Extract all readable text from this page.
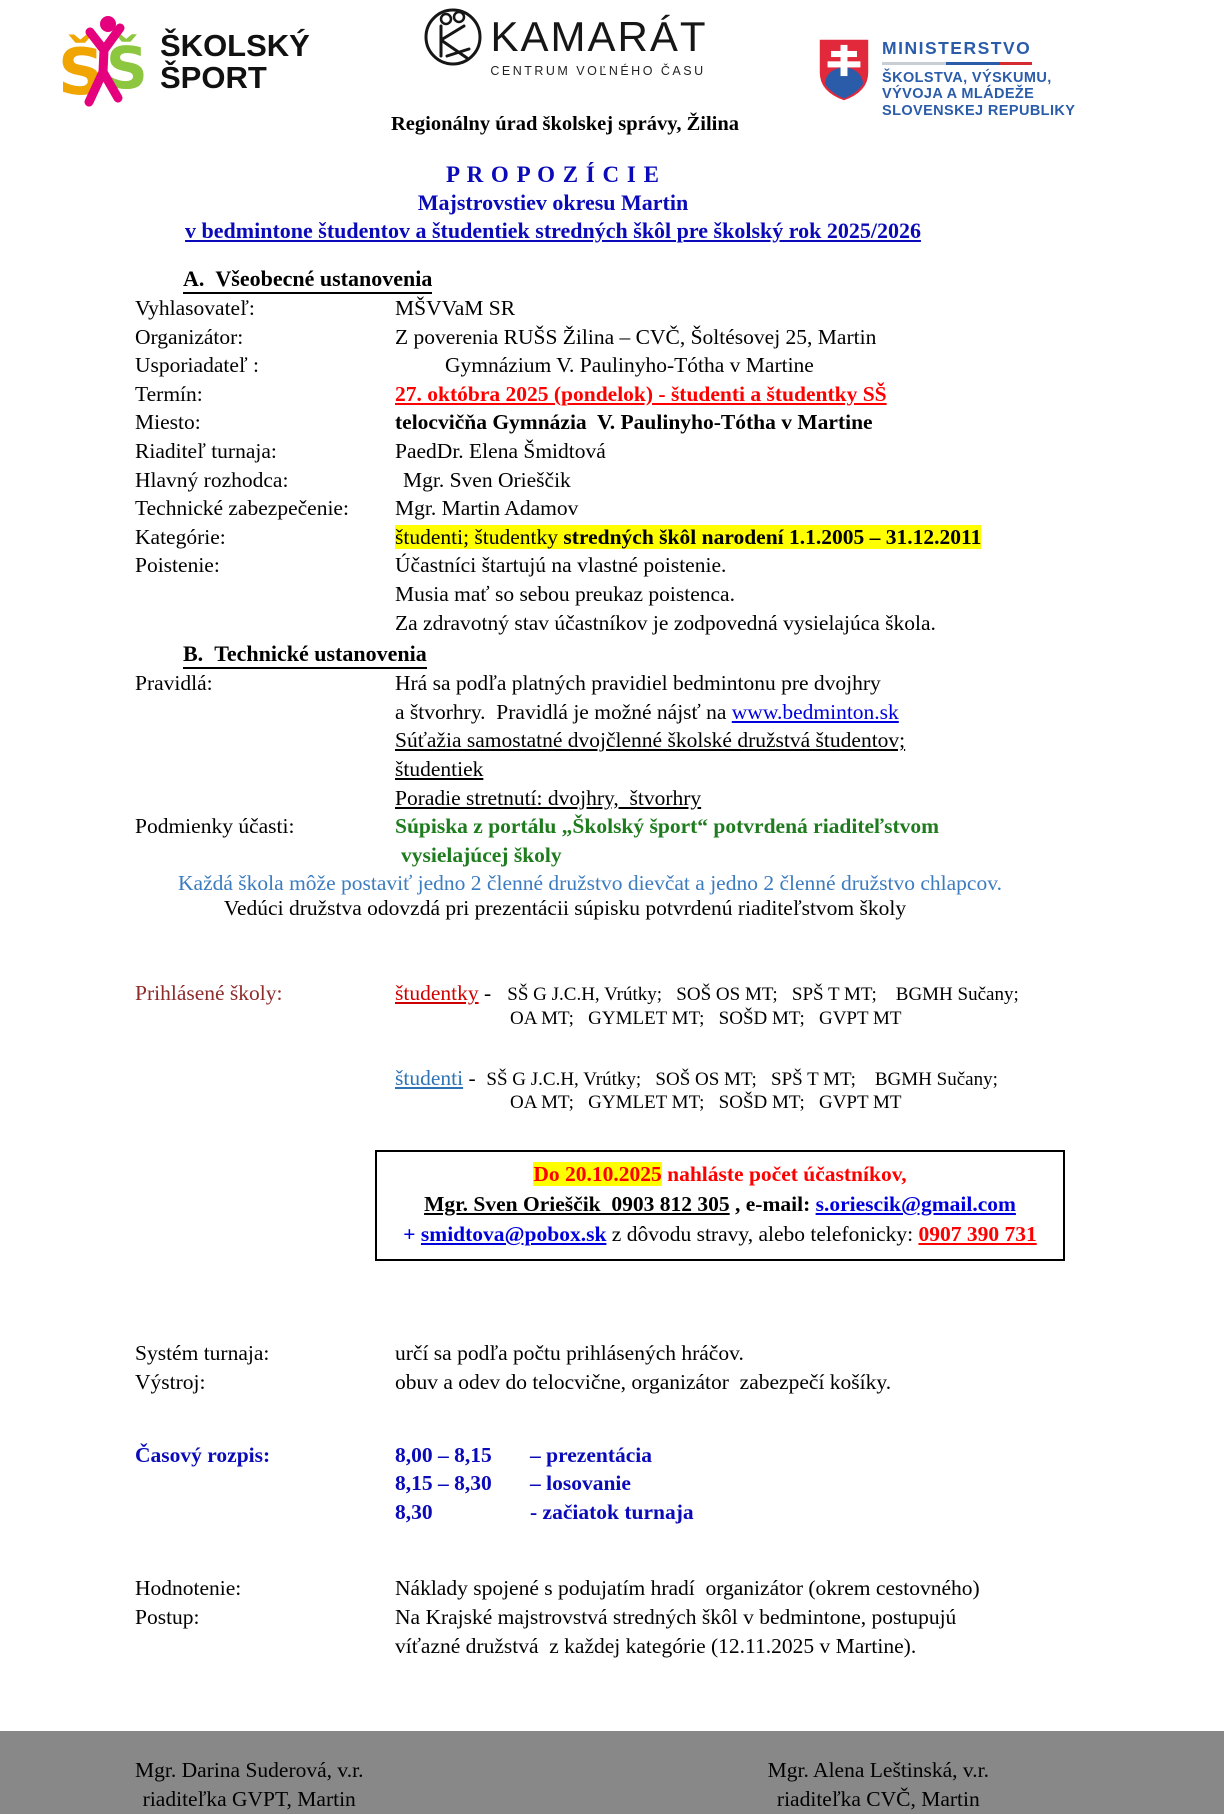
Š Š ŠKOLSKÝ
ŠPORT
KAMARÁT
CENTRUM VOĽNÉHO ČASU
Regionálny úrad školskej správy, Žilina
MINISTERSTVO
ŠKOLSTVA, VÝSKUMU,
VÝVOJA A MLÁDEŽE
SLOVENSKEJ REPUBLIKY
P R O P O Z Í C I E
Majstrovstiev okresu Martin
v bedmintone študentov a študentiek stredných škôl pre školský rok 2025/2026
A. Všeobecné ustanovenia
Vyhlasovateľ:	MŠVVaM SR
Organizátor:	Z poverenia RUŠS Žilina – CVČ, Šoltésovej 25, Martin
Usporiadateľ :	Gymnázium V. Paulinyho-Tótha v Martine
Termín:	27. októbra 2025 (pondelok) - študenti a študentky SŠ
Miesto:	telocvičňa Gymnázia  V. Paulinyho-Tótha v Martine
Riaditeľ turnaja:	PaedDr. Elena Šmidtová
Hlavný rozhodca:	Mgr. Sven Orieščik
Technické zabezpečenie:	Mgr. Martin Adamov
Kategórie:	študenti; študentky stredných škôl narodení 1.1.2005 – 31.12.2011
Poistenie:	Účastníci štartujú na vlastné poistenie.
Musia mať so sebou preukaz poistenca.
Za zdravotný stav účastníkov je zodpovedná vysielajúca škola.
B. Technické ustanovenia
Pravidlá:	Hrá sa podľa platných pravidiel bedmintonu pre dvojhry
a štvorhry.  Pravidlá je možné nájsť na www.bedminton.sk
Súťažia samostatné dvojčlenné školské družstvá študentov;
študentiek
Poradie stretnutí: dvojhry,  štvorhry
Podmienky účasti:	Súpiska z portálu „Školský šport“ potvrdená riaditeľstvom
vysielajúcej školy
Každá škola môže postaviť jedno 2 členné družstvo dievčat a jedno 2 členné družstvo chlapcov.
Vedúci družstva odovzdá pri prezentácii súpisku potvrdenú riaditeľstvom školy
Prihlásené školy:	študentky -   SŠ G J.C.H, Vrútky;   SOŠ OS MT;   SPŠ T MT;    BGMH Sučany;
OA MT;   GYMLET MT;   SOŠD MT;   GVPT MT
študenti -  SŠ G J.C.H, Vrútky;   SOŠ OS MT;   SPŠ T MT;    BGMH Sučany;
OA MT;   GYMLET MT;   SOŠD MT;   GVPT MT
Do 20.10.2025 nahláste počet účastníkov,
Mgr. Sven Orieščik  0903 812 305 , e-mail: s.oriescik@gmail.com
+ smidtova@pobox.sk z dôvodu stravy, alebo telefonicky: 0907 390 731
Systém turnaja:	určí sa podľa počtu prihlásených hráčov.
Výstroj:	obuv a odev do telocvične, organizátor  zabezpečí košíky.
Časový rozpis:	8,00 – 8,15 – prezentácia
8,15 – 8,30 – losovanie
8,30	- začiatok turnaja
Hodnotenie:	Náklady spojené s podujatím hradí  organizátor (okrem cestovného)
Postup:	Na Krajské majstrovstvá stredných škôl v bedmintone, postupujú
víťazné družstvá  z každej kategórie (12.11.2025 v Martine).
Mgr. Darina Suderová, v.r.
riaditeľka GVPT, Martin
Mgr. Alena Leštinská, v.r.
riaditeľka CVČ, Martin
